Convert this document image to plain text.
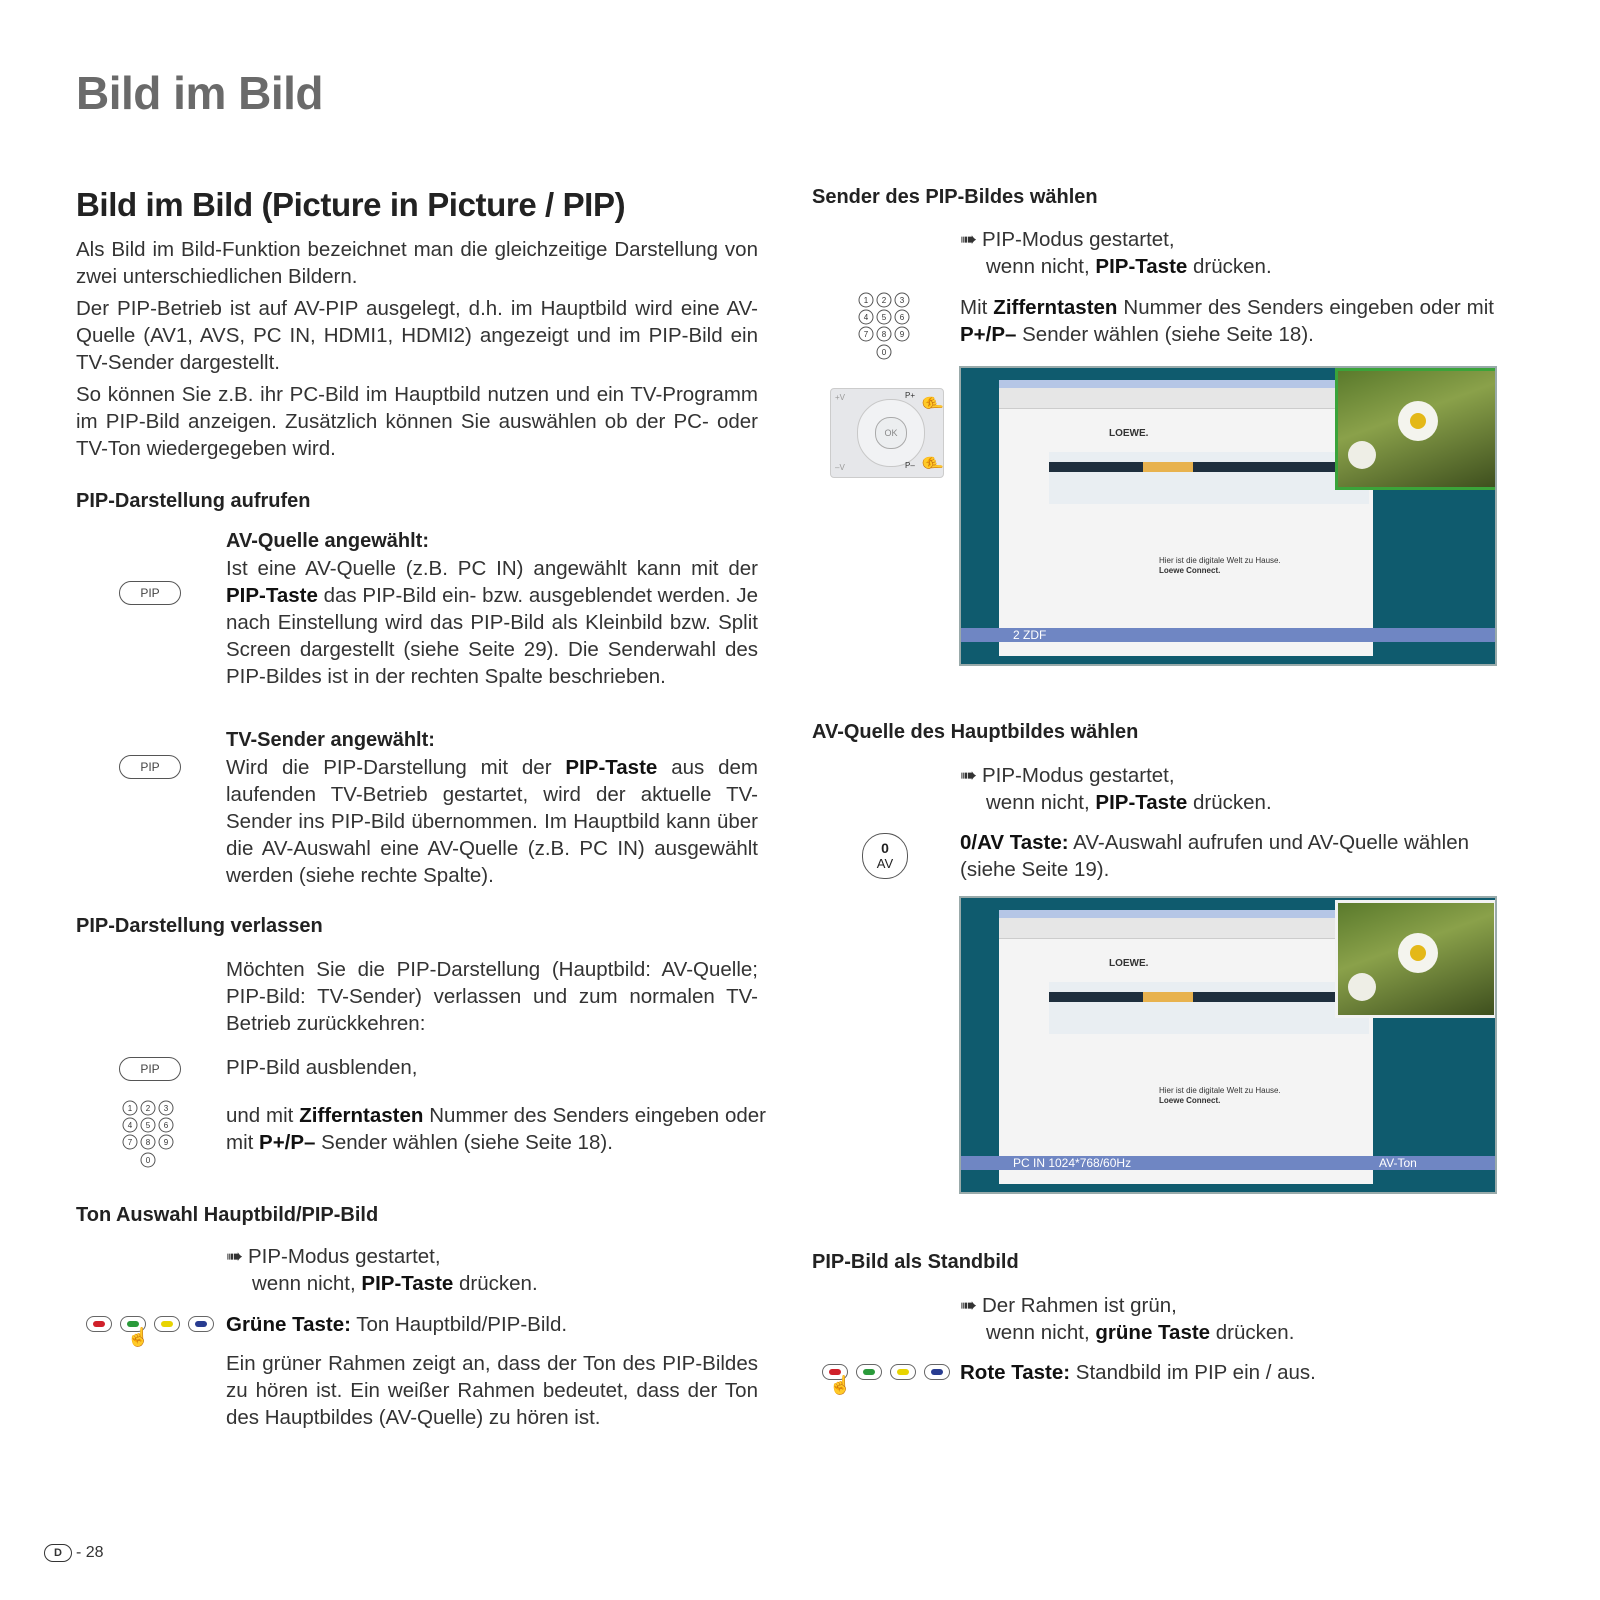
Bild im Bild
Bild im Bild (Picture in Picture / PIP)
Als Bild im Bild-Funktion bezeichnet man die gleichzeitige Darstellung von zwei unterschiedlichen Bildern.
Der PIP-Betrieb ist auf AV-PIP ausgelegt, d.h. im Hauptbild wird eine AV-Quelle (AV1, AVS, PC IN, HDMI1, HDMI2) angezeigt und im PIP-Bild ein TV-Sender dargestellt.
So können Sie z.B. ihr PC-Bild im Hauptbild nutzen und ein TV-Programm im PIP-Bild anzeigen. Zusätzlich können Sie auswählen ob der PC- oder TV-Ton wiedergegeben wird.
PIP-Darstellung aufrufen
AV-Quelle angewählt:
Ist eine AV-Quelle (z.B. PC IN) angewählt kann mit der PIP-Taste das PIP-Bild ein- bzw. ausgeblendet werden. Je nach Einstellung wird das PIP-Bild als Kleinbild bzw. Split Screen dargestellt (siehe Seite 29). Die Senderwahl des PIP-Bildes ist in der rechten Spalte beschrieben.
PIP
TV-Sender angewählt:
Wird die PIP-Darstellung mit der PIP-Taste aus dem laufenden TV-Betrieb gestartet, wird der aktuelle TV-Sender ins PIP-Bild übernommen. Im Hauptbild kann über die AV-Auswahl eine AV-Quelle (z.B. PC IN) ausgewählt werden (siehe rechte Spalte).
PIP
PIP-Darstellung verlassen
Möchten Sie die PIP-Darstellung (Hauptbild: AV-Quelle; PIP-Bild: TV-Sender) verlassen und zum normalen TV-Betrieb zurückkehren:
PIP	PIP-Bild ausblenden,
1 2 3
4 5 6
7 8 9
0
und mit Zifferntasten Nummer des Senders eingeben oder mit P+/P– Sender wählen (siehe Seite 18).
Ton Auswahl Hauptbild/PIP-Bild
➠ PIP-Modus gestartet,
wenn nicht, PIP-Taste drücken.
☝
Grüne Taste: Ton Hauptbild/PIP-Bild.
Ein grüner Rahmen zeigt an, dass der Ton des PIP-Bildes zu hören ist. Ein weißer Rahmen bedeutet, dass der Ton des Hauptbildes (AV-Quelle) zu hören ist.
Sender des PIP-Bildes wählen
➠ PIP-Modus gestartet,
wenn nicht, PIP-Taste drücken.
1 2 3
4 5 6
7 8 9
0
Mit Zifferntasten Nummer des Senders eingeben oder mit P+/P– Sender wählen (siehe Seite 18).
OK
+V
–V
P+
P–
☝
☝
LOEWE.
Hier ist die digitale Welt zu Hause.
Loewe Connect.
2 ZDF
AV-Quelle des Hauptbildes wählen
➠ PIP-Modus gestartet,
wenn nicht, PIP-Taste drücken.
0
AV
0/AV Taste: AV-Auswahl aufrufen und AV-Quelle wählen (siehe Seite 19).
LOEWE.
Hier ist die digitale Welt zu Hause.
Loewe Connect.
PC IN 1024*768/60Hz	AV-Ton
PIP-Bild als Standbild
➠ Der Rahmen ist grün,
wenn nicht, grüne Taste drücken.
☝
Rote Taste: Standbild im PIP ein / aus.
D - 28
